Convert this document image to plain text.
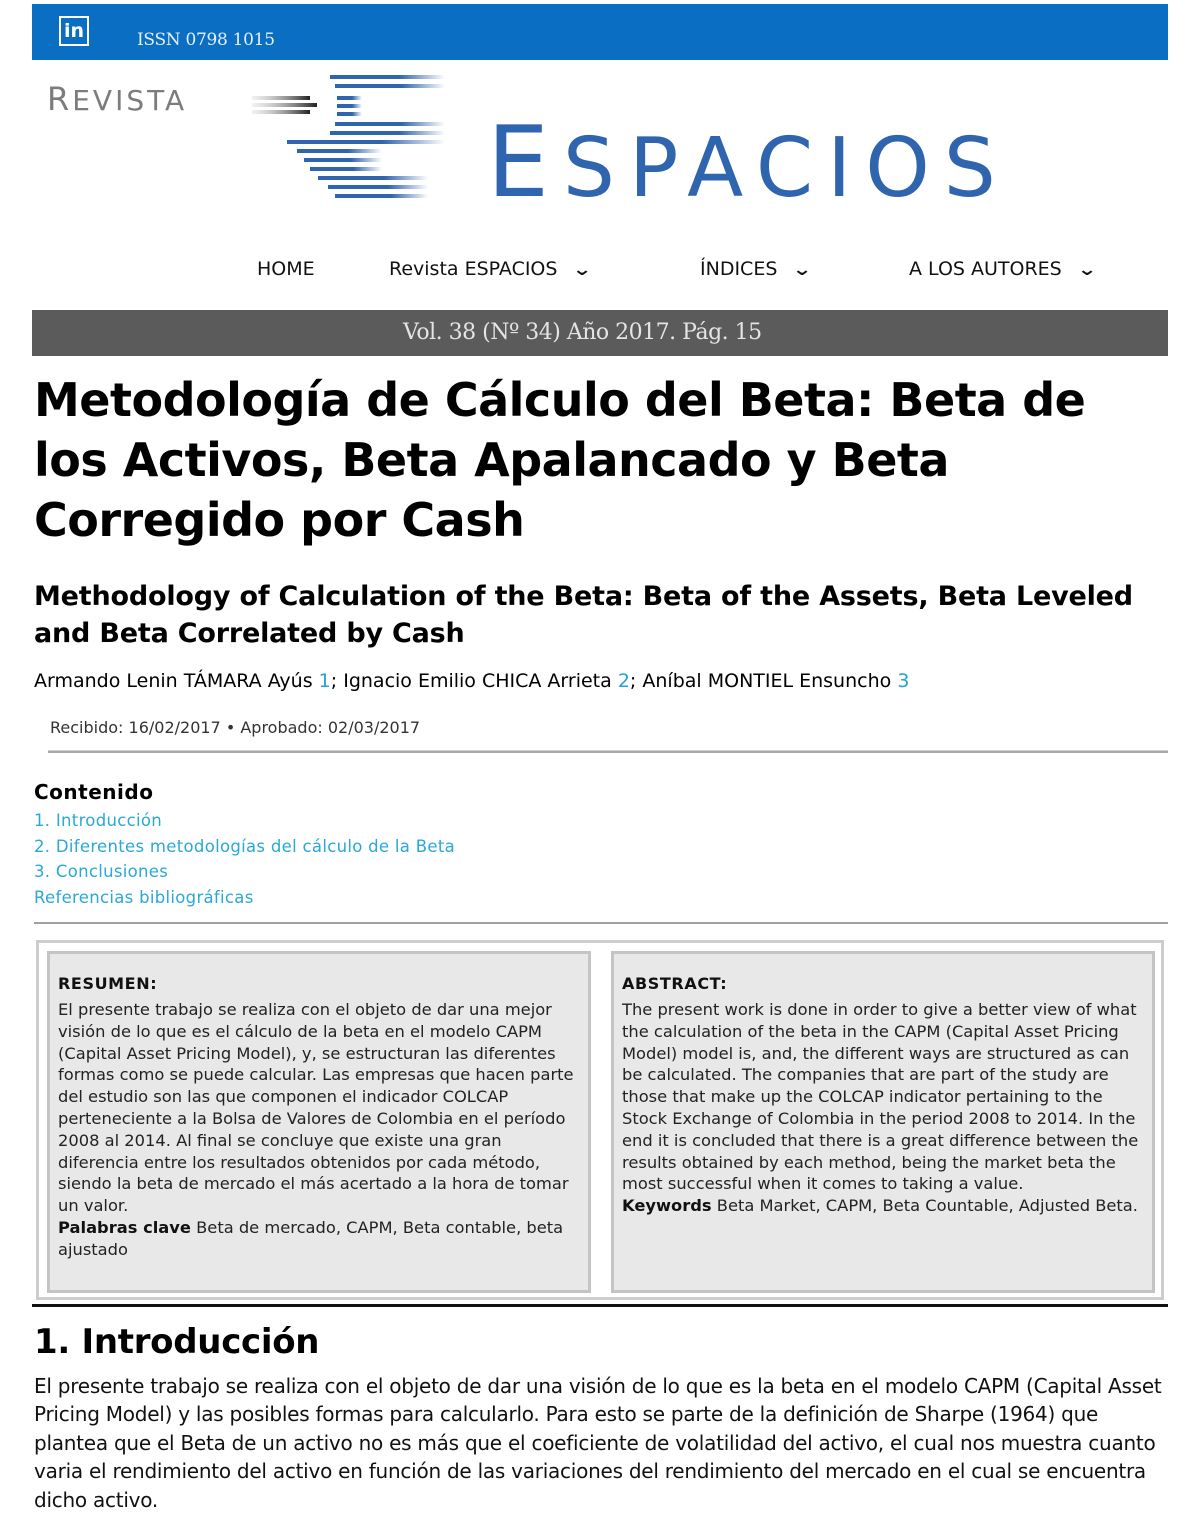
in	ISSN 0798 1015
REVISTA
ESPACIOS
HOME	Revista ESPACIOS ⌄	ÍNDICES ⌄	A LOS AUTORES ⌄
Vol. 38 (Nº 34) Año 2017. Pág. 15
Metodología de Cálculo del Beta: Beta de los Activos, Beta Apalancado y Beta Corregido por Cash
Methodology of Calculation of the Beta: Beta of the Assets, Beta Leveled and Beta Correlated by Cash
Armando Lenin TÁMARA Ayús 1; Ignacio Emilio CHICA Arrieta 2; Aníbal MONTIEL Ensuncho 3
Recibido: 16/02/2017 • Aprobado: 02/03/2017
Contenido
1. Introducción
2. Diferentes metodologías del cálculo de la Beta
3. Conclusiones
Referencias bibliográficas
RESUMEN:
El presente trabajo se realiza con el objeto de dar una mejor visión de lo que es el cálculo de la beta en el modelo CAPM (Capital Asset Pricing Model), y, se estructuran las diferentes formas como se puede calcular. Las empresas que hacen parte del estudio son las que componen el indicador COLCAP perteneciente a la Bolsa de Valores de Colombia en el período 2008 al 2014. Al final se concluye que existe una gran diferencia entre los resultados obtenidos por cada método, siendo la beta de mercado el más acertado a la hora de tomar un valor.
Palabras clave Beta de mercado, CAPM, Beta contable, beta ajustado
ABSTRACT:
The present work is done in order to give a better view of what the calculation of the beta in the CAPM (Capital Asset Pricing Model) model is, and, the different ways are structured as can be calculated. The companies that are part of the study are those that make up the COLCAP indicator pertaining to the Stock Exchange of Colombia in the period 2008 to 2014. In the end it is concluded that there is a great difference between the results obtained by each method, being the market beta the most successful when it comes to taking a value.
Keywords Beta Market, CAPM, Beta Countable, Adjusted Beta.
1. Introducción

El presente trabajo se realiza con el objeto de dar una visión de lo que es la beta en el modelo CAPM (Capital Asset Pricing Model) y las posibles formas para calcularlo. Para esto se parte de la definición de Sharpe (1964) que plantea que el Beta de un activo no es más que el coeficiente de volatilidad del activo, el cual nos muestra cuanto varia el rendimiento del activo en función de las variaciones del rendimiento del mercado en el cual se encuentra dicho activo.
